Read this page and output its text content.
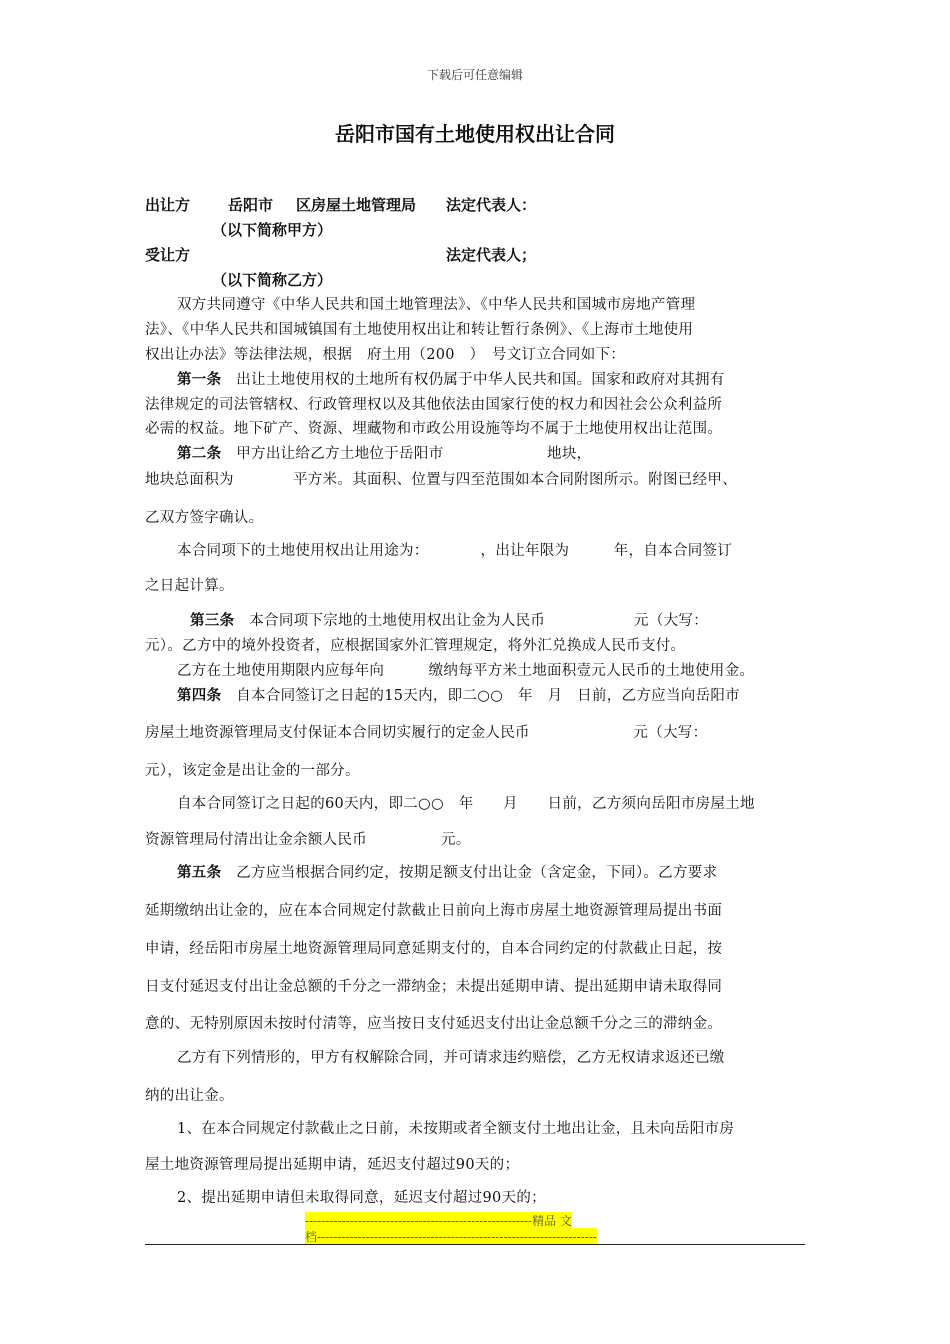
下载后可任意编辑
岳阳市国有土地使用权出让合同
出让方	岳阳市 区房屋土地管理局 法定代表人：
（以下简称甲方）
受让方	法定代表人；
（以下简称乙方）
双方共同遵守《中华人民共和国土地管理法》、《中华人民共和国城市房地产管理
法》、《中华人民共和国城镇国有土地使用权出让和转让暂行条例》、《上海市土地使用
权出让办法》等法律法规，根据　府土用（200　）　号文订立合同如下：
第一条　 出让土地使用权的土地所有权仍属于中华人民共和国。国家和政府对其拥有
法律规定的司法管辖权、行政管理权以及其他依法由国家行使的权力和因社会公众利益所
必需的权益。地下矿产、资源、埋藏物和市政公用设施等均不属于土地使用权出让范围。
第二条　 甲方出让给乙方土地位于岳阳市　　　　　　　地块，
地块总面积为　　　　平方米。其面积、位置与四至范围如本合同附图所示。附图已经甲、
乙双方签字确认。
本合同项下的土地使用权出让用途为：　　　　，出让年限为　　　年，自本合同签订
之日起计算。
第三条　 本合同项下宗地的土地使用权出让金为人民币　　　　　　元（大写：
元）。乙方中的境外投资者，应根据国家外汇管理规定，将外汇兑换成人民币支付。
乙方在土地使用期限内应每年向　　　缴纳每平方米土地面积壹元人民币的土地使用金。
第四条　 自本合同签订之日起的15天内，即二○○　年　月　日前，乙方应当向岳阳市
房屋土地资源管理局支付保证本合同切实履行的定金人民币　　　　　　　元（大写：
元），该定金是出让金的一部分。
自本合同签订之日起的60天内，即二○○　年　　月　　日前，乙方须向岳阳市房屋土地
资源管理局付清出让金余额人民币　　　　　元。
第五条　 乙方应当根据合同约定，按期足额支付出让金（含定金，下同）。乙方要求
延期缴纳出让金的，应在本合同规定付款截止日前向上海市房屋土地资源管理局提出书面
申请，经岳阳市房屋土地资源管理局同意延期支付的，自本合同约定的付款截止日起，按
日支付延迟支付出让金总额的千分之一滞纳金；未提出延期申请、提出延期申请未取得同
意的、无特别原因未按时付清等，应当按日支付延迟支付出让金总额千分之三的滞纳金。
乙方有下列情形的，甲方有权解除合同，并可请求违约赔偿，乙方无权请求返还已缴
纳的出让金。
1、在本合同规定付款截止之日前，未按期或者全额支付土地出让金，且未向岳阳市房
屋土地资源管理局提出延期申请，延迟支付超过90天的；
2、提出延期申请但未取得同意，延迟支付超过90天的；
--------------------------------------------------------精品 文
档---------------------------------------------------------------------
